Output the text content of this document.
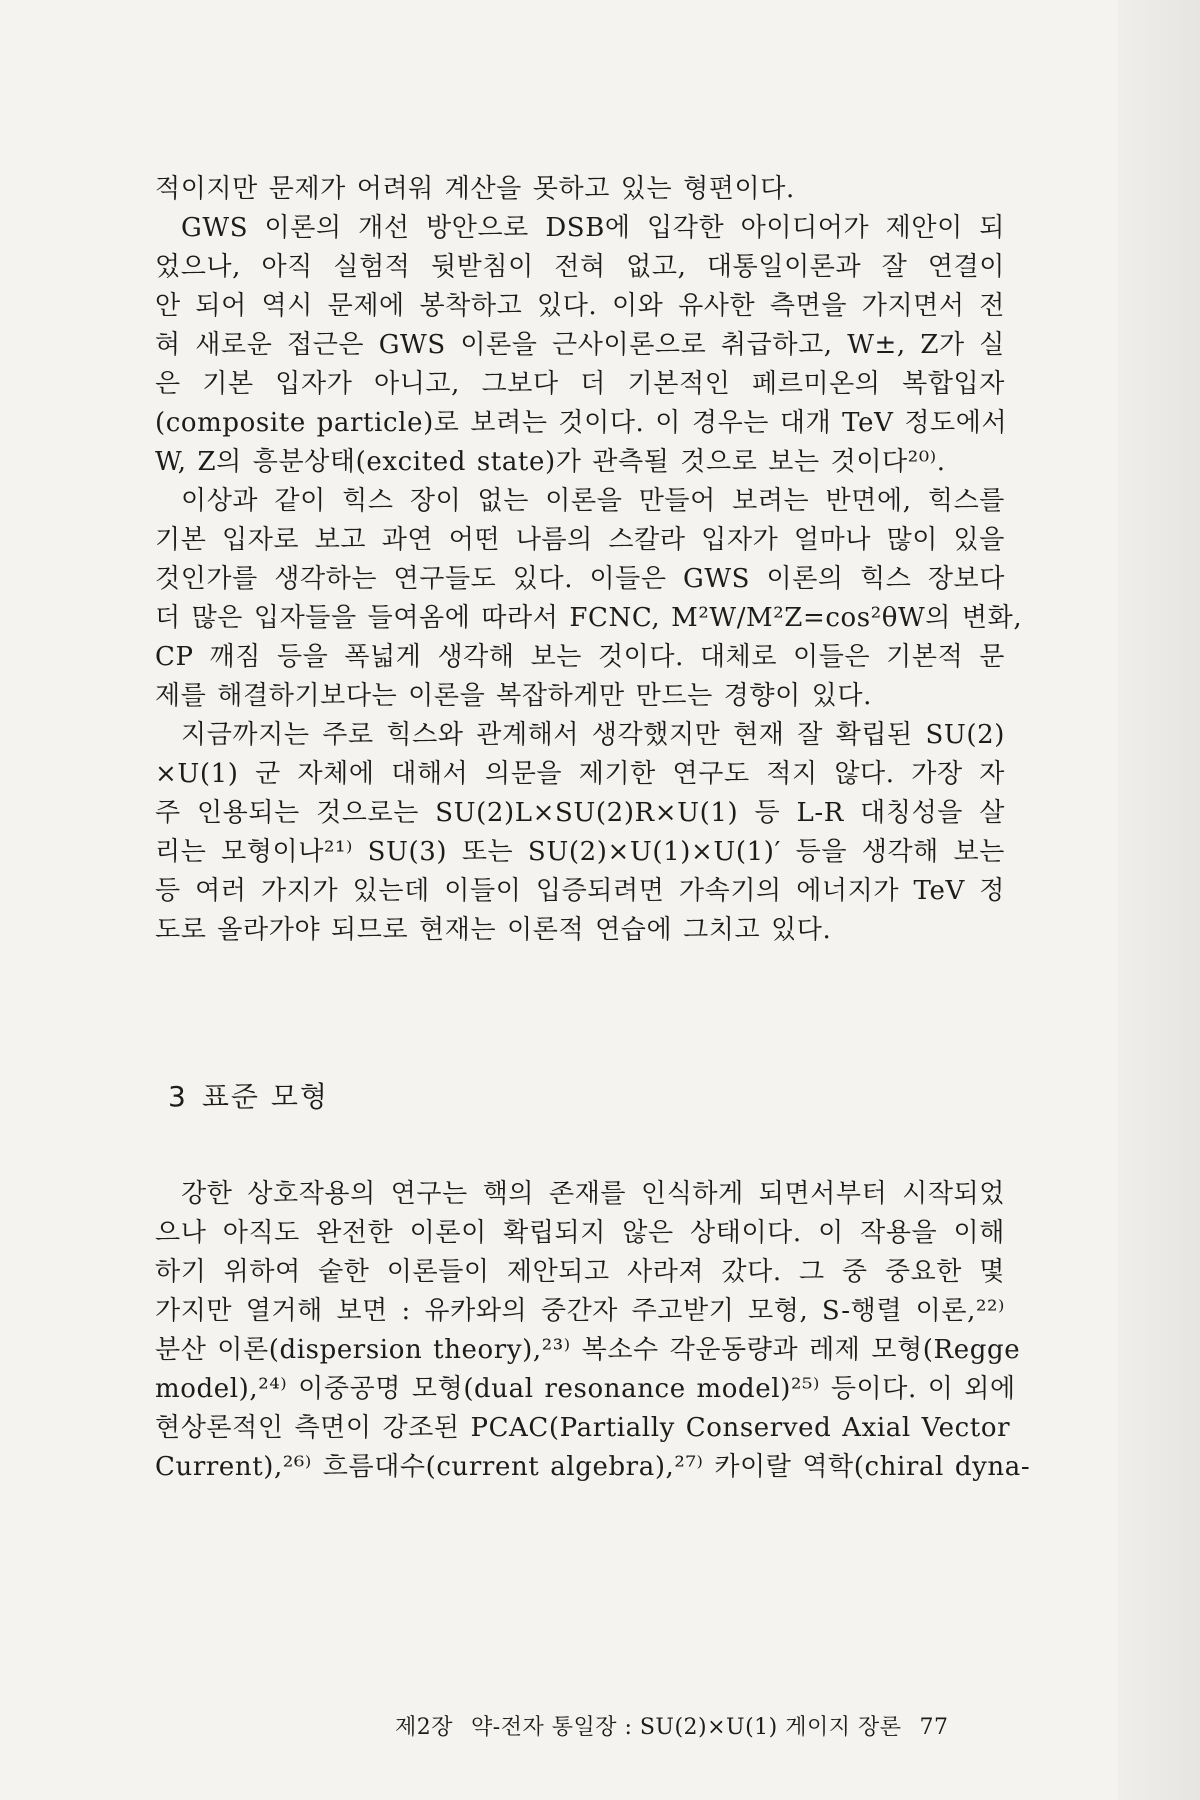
적이지만 문제가 어려워 계산을 못하고 있는 형편이다.
GWS 이론의 개선 방안으로 DSB에 입각한 아이디어가 제안이 되
었으나, 아직 실험적 뒷받침이 전혀 없고, 대통일이론과 잘 연결이
안 되어 역시 문제에 봉착하고 있다. 이와 유사한 측면을 가지면서 전
혀 새로운 접근은 GWS 이론을 근사이론으로 취급하고, W±, Z가 실
은 기본 입자가 아니고, 그보다 더 기본적인 페르미온의 복합입자
(composite particle)로 보려는 것이다. 이 경우는 대개 TeV 정도에서
W, Z의 흥분상태(excited state)가 관측될 것으로 보는 것이다²⁰⁾.
이상과 같이 힉스 장이 없는 이론을 만들어 보려는 반면에, 힉스를
기본 입자로 보고 과연 어떤 나름의 스칼라 입자가 얼마나 많이 있을
것인가를 생각하는 연구들도 있다. 이들은 GWS 이론의 힉스 장보다
더 많은 입자들을 들여옴에 따라서 FCNC, M²W/M²Z=cos²θW의 변화,
CP 깨짐 등을 폭넓게 생각해 보는 것이다. 대체로 이들은 기본적 문
제를 해결하기보다는 이론을 복잡하게만 만드는 경향이 있다.
지금까지는 주로 힉스와 관계해서 생각했지만 현재 잘 확립된 SU(2)
×U(1) 군 자체에 대해서 의문을 제기한 연구도 적지 않다. 가장 자
주 인용되는 것으로는 SU(2)L×SU(2)R×U(1) 등 L-R 대칭성을 살
리는 모형이나²¹⁾ SU(3) 또는 SU(2)×U(1)×U(1)′ 등을 생각해 보는
등 여러 가지가 있는데 이들이 입증되려면 가속기의 에너지가 TeV 정
도로 올라가야 되므로 현재는 이론적 연습에 그치고 있다.
3 표준 모형
강한 상호작용의 연구는 핵의 존재를 인식하게 되면서부터 시작되었
으나 아직도 완전한 이론이 확립되지 않은 상태이다. 이 작용을 이해
하기 위하여 숱한 이론들이 제안되고 사라져 갔다. 그 중 중요한 몇
가지만 열거해 보면 : 유카와의 중간자 주고받기 모형, S-행렬 이론,²²⁾
분산 이론(dispersion theory),²³⁾ 복소수 각운동량과 레제 모형(Regge
model),²⁴⁾ 이중공명 모형(dual resonance model)²⁵⁾ 등이다. 이 외에
현상론적인 측면이 강조된 PCAC(Partially Conserved Axial Vector
Current),²⁶⁾ 흐름대수(current algebra),²⁷⁾ 카이랄 역학(chiral dyna-
제2장 약-전자 통일장 : SU(2)×U(1) 게이지 장론 77
